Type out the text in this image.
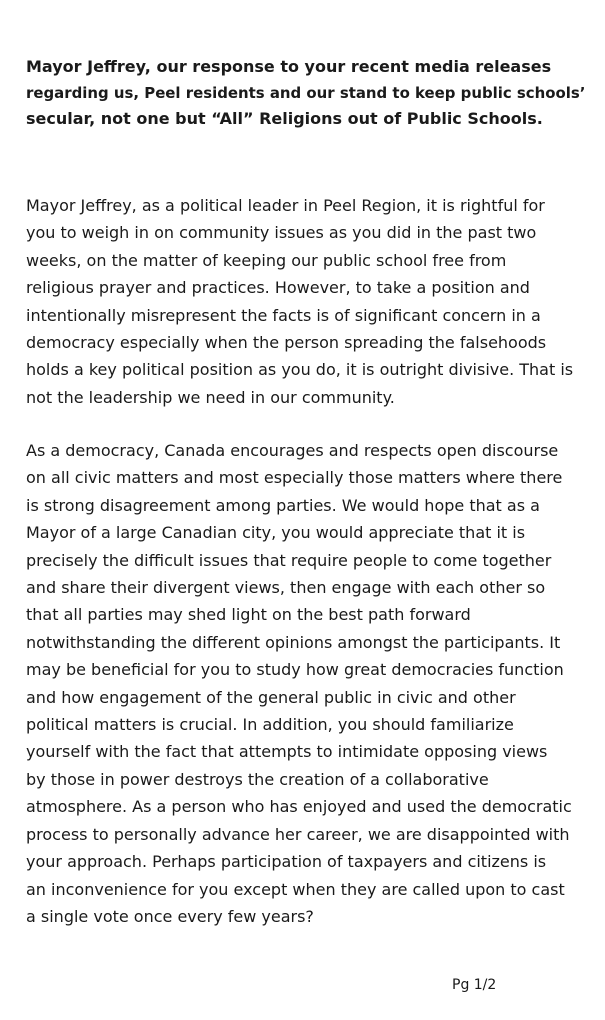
Mayor Jeffrey, our response to your recent media releases
regarding us, Peel residents and our stand to keep public schools’
secular, not one but “All” Religions out of Public Schools.

Mayor Jeffrey, as a political leader in Peel Region, it is rightful for
you to weigh in on community issues as you did in the past two
weeks, on the matter of keeping our public school free from
religious prayer and practices. However, to take a position and
intentionally misrepresent the facts is of significant concern in a
democracy especially when the person spreading the falsehoods
holds a key political position as you do, it is outright divisive. That is
not the leadership we need in our community.

As a democracy, Canada encourages and respects open discourse
on all civic matters and most especially those matters where there
is strong disagreement among parties. We would hope that as a
Mayor of a large Canadian city, you would appreciate that it is
precisely the difficult issues that require people to come together
and share their divergent views, then engage with each other so
that all parties may shed light on the best path forward
notwithstanding the different opinions amongst the participants. It
may be beneficial for you to study how great democracies function
and how engagement of the general public in civic and other
political matters is crucial. In addition, you should familiarize
yourself with the fact that attempts to intimidate opposing views
by those in power destroys the creation of a collaborative
atmosphere. As a person who has enjoyed and used the democratic
process to personally advance her career, we are disappointed with
your approach. Perhaps participation of taxpayers and citizens is
an inconvenience for you except when they are called upon to cast
a single vote once every few years?

Pg 1/2
